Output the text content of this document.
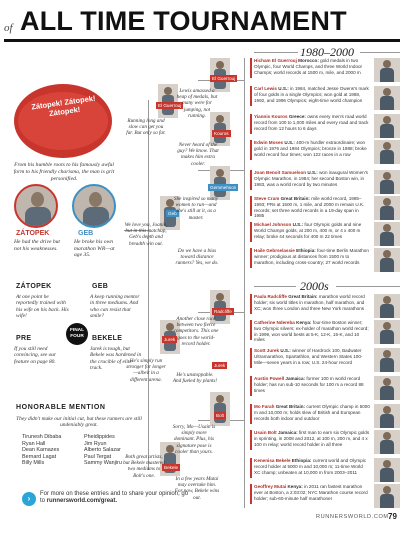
of ALL TIME TOURNAMENT
1980–2000
2000s
Zátopek! Zátopek! Zátopek!
From his humble roots to his famously awful form to his friendly charisma, the man is grit personified.
ZÁTOPEK	GEB
He had the drive but not his weaknesses.
He broke his own marathon WR—at age 35.
ZÁTOPEK	GEB
At one point he reportedly trained with his wife on his back. His wife!
A keep running mentor in three mediums. And who can resist that smile?
FINAL FOUR
PRE	BEKELE
If you still need convincing, see our feature on page 80.
Jurek is tough, but Bekele was hardened in the crucible of elite track.
HONORABLE MENTION
They didn't make our initial cut, but these runners are still undeniably great.
Tirunesh Dibaba
Ryan Hall
Dean Karnazes
Bernard Lagat
Billy Mills
Pheidippides
Jim Ryun
Alberto Salazar
Paul Tergat
Sammy Wanjiru
›	For more on these entries and to share your opinion, go to runnersworld.com/great.
El Guerrouj
El Guerrouj
Kouros
Gemmehson
Geb
Radcliffe
Jurek
Jurek
Bolt
Bekele
Lewis amassed a heap of medals, but many were for jumping, not running.
Running long and slow can get you far. But only so far.
Never heard of the guy? We know. That makes him extra cooler.
She inspired so many women to run—and she's still at it, as a master.
We love you, Joanie, but in this matchup, Geb's depth and breadth win out.
Do we have a bias toward distance runners? Yes, we do.
Another close race between two fierce competitors. This one goes to the world-record holder.
He's unstoppable. And fueled by plants!
He's simply run stronger for longer—albeit in a different arena.
Sorry, Mo—Usain is simply more dominant. Plus, his signature pose is cooler than yours.
Both great artists, but Bekele mastered two mediums to Bolt's one.
In a few years Mutai may overtake him. For now, Bekele wins out.
Hicham El Guerrouj Morocco: gold medals in two Olympic, four World Champs, and three World Indoor Champs; world records at 1500 m, mile, and 2000 m
Carl Lewis U.S.: in 1984, matched Jesse Owens's mark of four golds in a single Olympics; won gold at 1988, 1992, and 1996 Olympics; eight-time world champion
Yiannis Kouros Greece: owns every men's road world record from 100 to 1,000 miles and every road and track record from 12 hours to 6 days
Edwin Moses U.S.: 400-m hurdler extraordinaire; won gold in 1976 and 1984 Olympics; bronze in 1988; broke world record four times; won 122 races in a row
Joan Benoit Samuelson U.S.: won inaugural Women's Olympic Marathon, in 1984; her second Boston win, in 1983, was a world record by two minutes
Steve Cram Great Britain: mile world record, 1985–1993; PRs at 1500 m, 1 mile, and 2000 m remain U.K. records; set three world records in a 19-day span in 1985
Michael Johnson U.S.: four Olympic golds and nine World Champs golds, at 200 m, 400 m, or 4 x 400 m relay; broke 44 seconds for 400 m 22 times
Haile Gebrselassie Ethiopia: four-time Berlin Marathon winner; prodigious at distances from 1500 m to marathon, including cross-country; 27 world records
Paula Radcliffe Great Britain: marathon world record holder; six world titles in marathon, half marathon, and XC; won three London and three New York marathons
Catherine Ndereba Kenya: four-time Boston winner; two Olympic silvers; ex-holder of marathon world record; in 1999, won world bests at 5-K, 12-K, 15-K, and 10 miles
Scott Jurek U.S.: winner of Hardrock 100, Badwater Ultramarathon, Spartathlon, and Western States 100-Mile—seven years in a row; U.S. 24-hour record
Austin Powell Jamaica: former 100 m world record holder; has run sub-10 seconds for 100 m a record 88 times
Mo Farah Great Britain: current Olympic champ in 5000 m and 10,000 m; holds slew of British and European records both indoor and outdoor
Usain Bolt Jamaica: first man to earn six Olympic golds in sprinting, in 2008 and 2012, at 100 m, 200 m, and 4 x 100 m relay; world record holder in all three
Kenenisa Bekele Ethiopia: current world and Olympic record holder at 5000 m and 10,000 m; 11-time World XC champ; unbeaten at 10,000 m from 2003–2011
Geoffrey Mutai Kenya: in 2011 ran fastest marathon ever at Boston, a 2:03:02; NYC Marathon course record holder; sub-60-minute half marathoner
RUNNERSWORLD.COM 79
